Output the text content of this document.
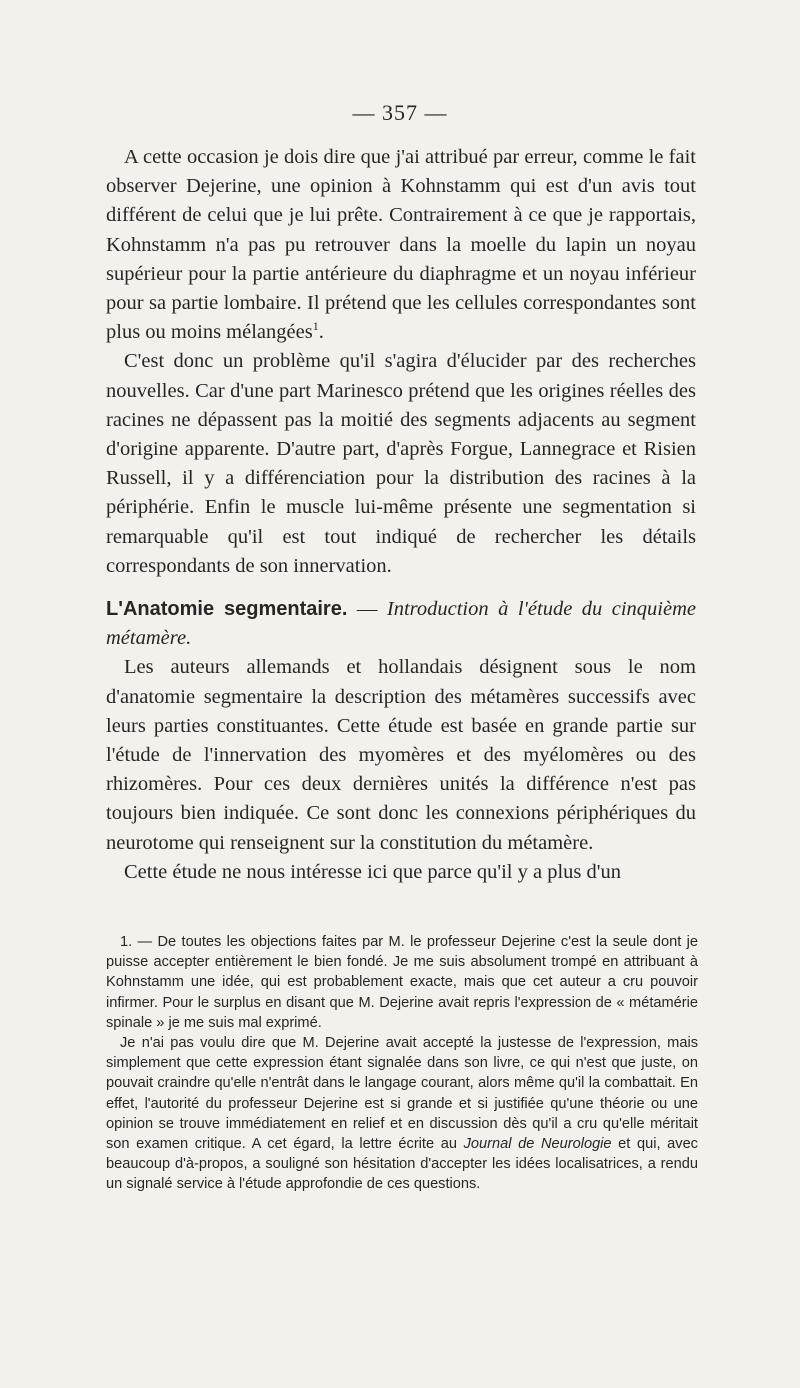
— 357 —

A cette occasion je dois dire que j'ai attribué par erreur, comme le fait observer Dejerine, une opinion à Kohnstamm qui est d'un avis tout différent de celui que je lui prête. Contrairement à ce que je rapportais, Kohnstamm n'a pas pu retrouver dans la moelle du lapin un noyau supérieur pour la partie antérieure du diaphragme et un noyau inférieur pour sa partie lombaire. Il prétend que les cellules correspondantes sont plus ou moins mélangées$^1$.

C'est donc un problème qu'il s'agira d'élucider par des recherches nouvelles. Car d'une part Marinesco prétend que les origines réelles des racines ne dépassent pas la moitié des segments adjacents au segment d'origine apparente. D'autre part, d'après Forgue, Lannegrace et Risien Russell, il y a différenciation pour la distribution des racines à la périphérie. Enfin le muscle lui-même présente une segmentation si remarquable qu'il est tout indiqué de rechercher les détails correspondants de son innervation.

L'Anatomie segmentaire. — Introduction à l'étude du cinquième métamère.

Les auteurs allemands et hollandais désignent sous le nom d'anatomie segmentaire la description des métamères successifs avec leurs parties constituantes. Cette étude est basée en grande partie sur l'étude de l'innervation des myomères et des myélomères ou des rhizomères. Pour ces deux dernières unités la différence n'est pas toujours bien indiquée. Ce sont donc les connexions périphériques du neurotome qui renseignent sur la constitution du métamère.

Cette étude ne nous intéresse ici que parce qu'il y a plus d'un

1. — De toutes les objections faites par M. le professeur Dejerine c'est la seule dont je puisse accepter entièrement le bien fondé. Je me suis absolument trompé en attribuant à Kohnstamm une idée, qui est probablement exacte, mais que cet auteur a cru pouvoir infirmer. Pour le surplus en disant que M. Dejerine avait repris l'expression de « métamérie spinale » je me suis mal exprimé.

Je n'ai pas voulu dire que M. Dejerine avait accepté la justesse de l'expression, mais simplement que cette expression étant signalée dans son livre, ce qui n'est que juste, on pouvait craindre qu'elle n'entrât dans le langage courant, alors même qu'il la combattait. En effet, l'autorité du professeur Dejerine est si grande et si justifiée qu'une théorie ou une opinion se trouve immédiatement en relief et en discussion dès qu'il a cru qu'elle méritait son examen critique. A cet égard, la lettre écrite au Journal de Neurologie et qui, avec beaucoup d'à-propos, a souligné son hésitation d'accepter les idées localisatrices, a rendu un signalé service à l'étude approfondie de ces questions.
